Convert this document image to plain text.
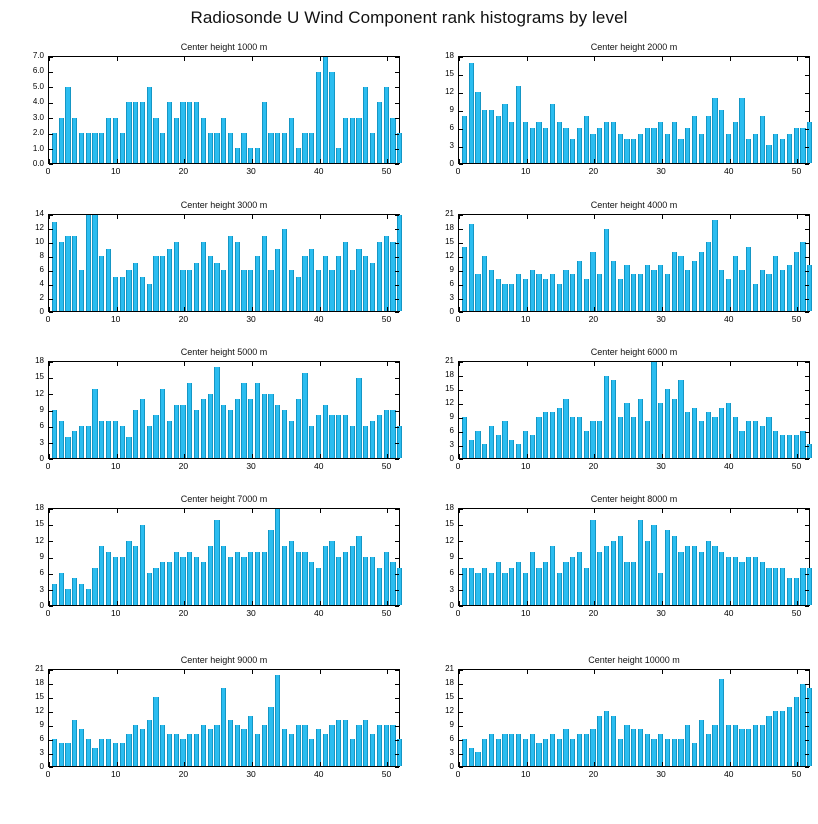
Radiosonde U Wind Component rank histograms by level
Center height 1000 m
0.0
1.0
2.0
3.0
4.0
5.0
6.0
7.0
0	10	20	30	40	50
Center height 2000 m
0
3
6
9
12
15
18
0	10	20	30	40	50
Center height 3000 m
0
2
4
6
8
10
12
14
0	10	20	30	40	50
Center height 4000 m
0
3
6
9
12
15
18
21
0	10	20	30	40	50
Center height 5000 m
0
3
6
9
12
15
18
0	10	20	30	40	50
Center height 6000 m
0
3
6
9
12
15
18
21
0	10	20	30	40	50
Center height 7000 m
0
3
6
9
12
15
18
0	10	20	30	40	50
Center height 8000 m
0
3
6
9
12
15
18
0	10	20	30	40	50
Center height 9000 m
0
3
6
9
12
15
18
21
0	10	20	30	40	50
Center height 10000 m
0
3
6
9
12
15
18
21
0	10	20	30	40	50
